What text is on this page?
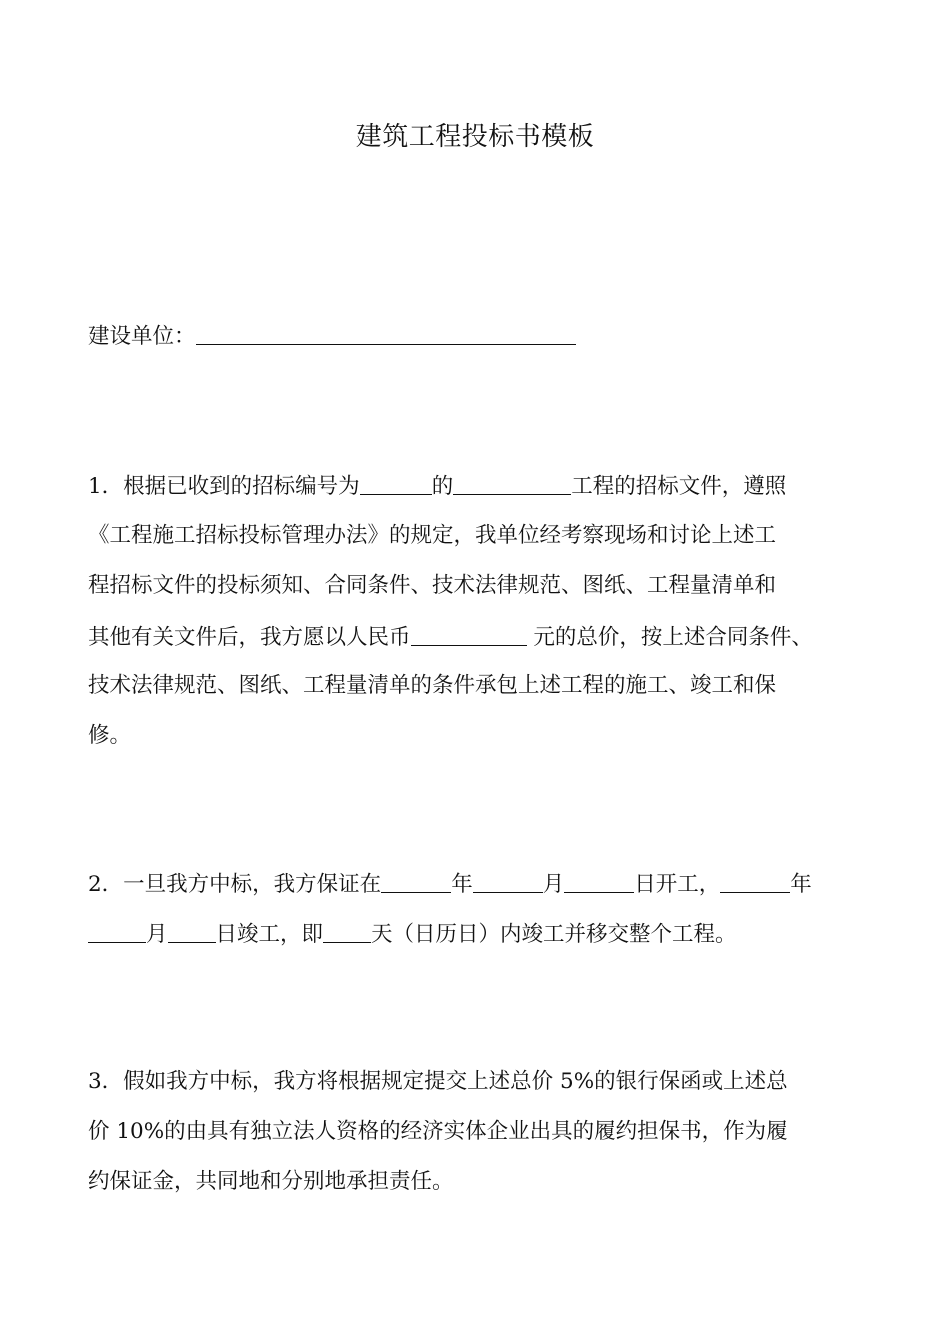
建筑工程投标书模板

建设单位：

1．根据已收到的招标编号为	的	工程的招标文件，遵照

《工程施工招标投标管理办法》的规定，我单位经考察现场和讨论上述工

程招标文件的投标须知、合同条件、技术法律规范、图纸、工程量清单和

其他有关文件后，我方愿以人民币	元的总价，按上述合同条件、

技术法律规范、图纸、工程量清单的条件承包上述工程的施工、竣工和保

修。

2．一旦我方中标，我方保证在	年	月	日开工，	年

月 日竣工，即 天（日历日）内竣工并移交整个工程。

3．假如我方中标，我方将根据规定提交上述总价 5%的银行保函或上述总

价 10%的由具有独立法人资格的经济实体企业出具的履约担保书，作为履

约保证金，共同地和分别地承担责任。
